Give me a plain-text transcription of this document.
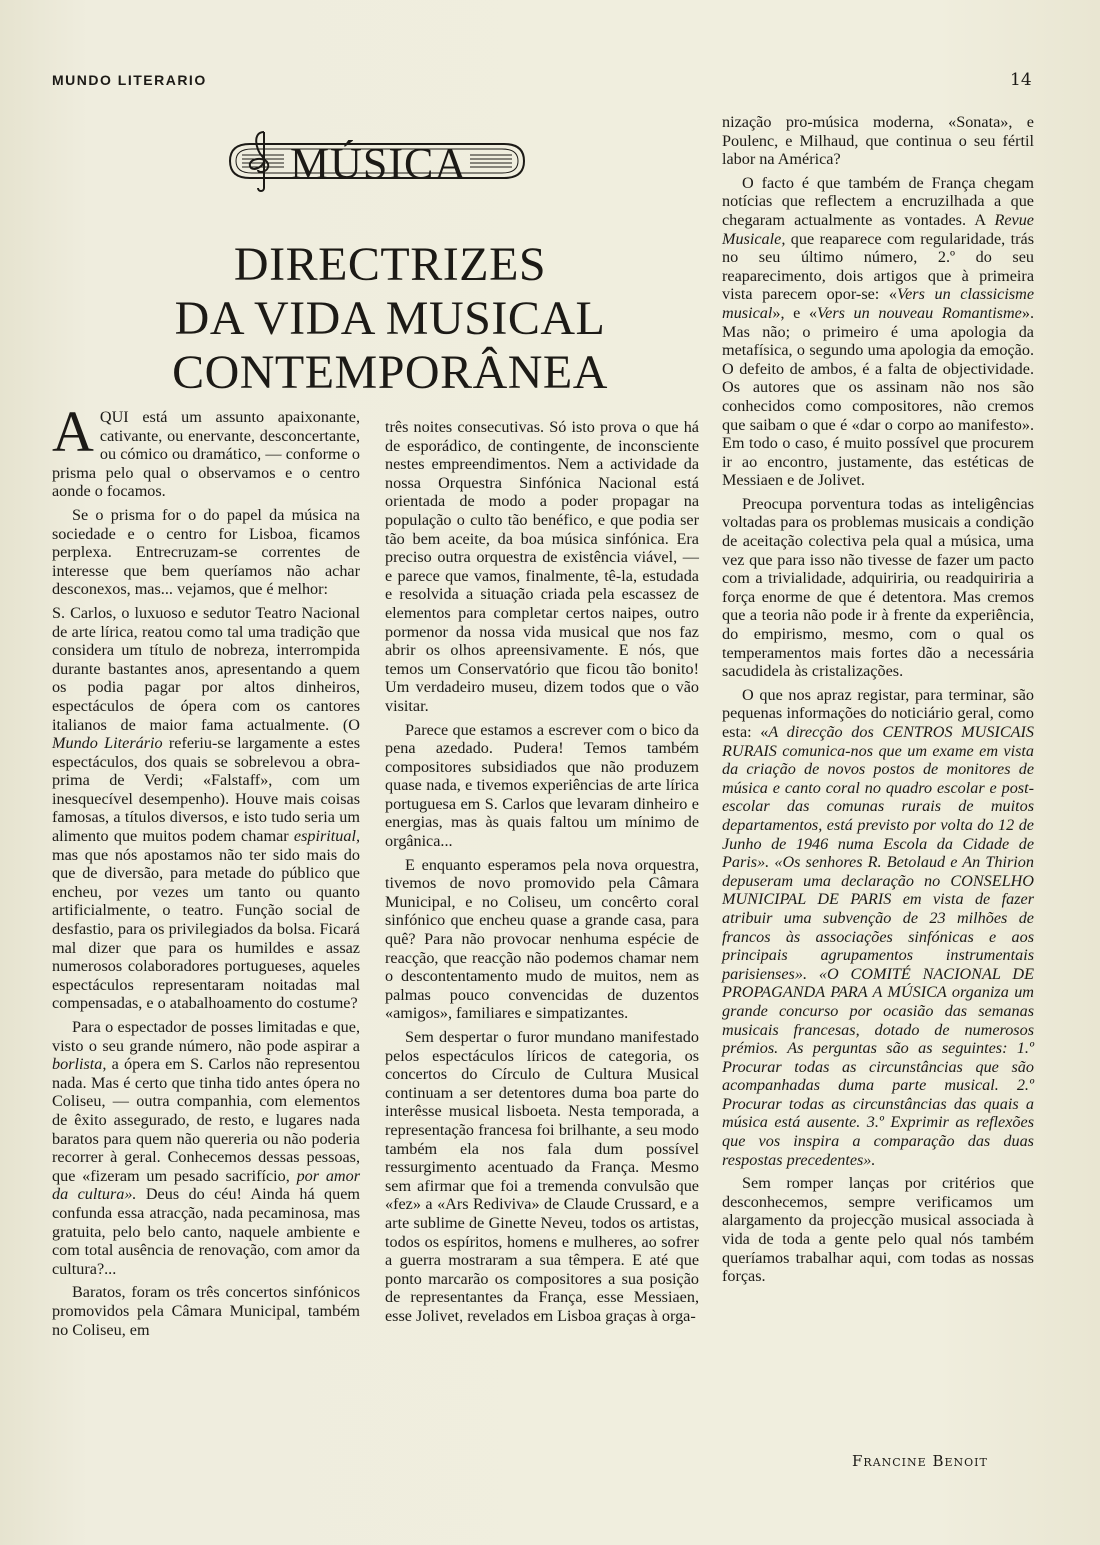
MUNDO LITERARIO	14
MÚSICA
DIRECTRIZES
DA VIDA MUSICAL
CONTEMPORÂNEA

AQUI está um assunto apaixonante, cativante, ou enervante, desconcertante, ou cómico ou dramático, — conforme o prisma pelo qual o observamos e o centro aonde o focamos.

Se o prisma for o do papel da música na sociedade e o centro for Lisboa, ficamos perplexa. Entrecruzam-se correntes de interesse que bem queríamos não achar desconexos, mas... vejamos, que é melhor:

S. Carlos, o luxuoso e sedutor Teatro Nacional de arte lírica, reatou como tal uma tradição que considera um título de nobreza, interrompida durante bastantes anos, apresentando a quem os podia pagar por altos dinheiros, espectáculos de ópera com os cantores italianos de maior fama actualmente. (O Mundo Literário referiu-se largamente a estes espectáculos, dos quais se sobrelevou a obra-prima de Verdi; «Falstaff», com um inesquecível desempenho). Houve mais coisas famosas, a títulos diversos, e isto tudo seria um alimento que muitos podem chamar espiritual, mas que nós apostamos não ter sido mais do que de diversão, para metade do público que encheu, por vezes um tanto ou quanto artificialmente, o teatro. Função social de desfastio, para os privilegiados da bolsa. Ficará mal dizer que para os humildes e assaz numerosos colaboradores portugueses, aqueles espectáculos representaram noitadas mal compensadas, e o atabalhoamento do costume?

Para o espectador de posses limitadas e que, visto o seu grande número, não pode aspirar a borlista, a ópera em S. Carlos não representou nada. Mas é certo que tinha tido antes ópera no Coliseu, — outra companhia, com elementos de êxito assegurado, de resto, e lugares nada baratos para quem não quereria ou não poderia recorrer à geral. Conhecemos dessas pessoas, que «fizeram um pesado sacrifício, por amor da cultura». Deus do céu! Ainda há quem confunda essa atracção, nada pecaminosa, mas gratuita, pelo belo canto, naquele ambiente e com total ausência de renovação, com amor da cultura?...

Baratos, foram os três concertos sinfónicos promovidos pela Câmara Municipal, também no Coliseu, em

três noites consecutivas. Só isto prova o que há de esporádico, de contingente, de inconsciente nestes empreendimentos. Nem a actividade da nossa Orquestra Sinfónica Nacional está orientada de modo a poder propagar na população o culto tão benéfico, e que podia ser tão bem aceite, da boa música sinfónica. Era preciso outra orquestra de existência viável, — e parece que vamos, finalmente, tê-la, estudada e resolvida a situação criada pela escassez de elementos para completar certos naipes, outro pormenor da nossa vida musical que nos faz abrir os olhos apreensivamente. E nós, que temos um Conservatório que ficou tão bonito! Um verdadeiro museu, dizem todos que o vão visitar.

Parece que estamos a escrever com o bico da pena azedado. Pudera! Temos também compositores subsidiados que não produzem quase nada, e tivemos experiências de arte lírica portuguesa em S. Carlos que levaram dinheiro e energias, mas às quais faltou um mínimo de orgânica...

E enquanto esperamos pela nova orquestra, tivemos de novo promovido pela Câmara Municipal, e no Coliseu, um concêrto coral sinfónico que encheu quase a grande casa, para quê? Para não provocar nenhuma espécie de reacção, que reacção não podemos chamar nem o descontentamento mudo de muitos, nem as palmas pouco convencidas de duzentos «amigos», familiares e simpatizantes.

Sem despertar o furor mundano manifestado pelos espectáculos líricos de categoria, os concertos do Círculo de Cultura Musical continuam a ser detentores duma boa parte do interêsse musical lisboeta. Nesta temporada, a representação francesa foi brilhante, a seu modo também ela nos fala dum possível ressurgimento acentuado da França. Mesmo sem afirmar que foi a tremenda convulsão que «fez» a «Ars Rediviva» de Claude Crussard, e a arte sublime de Ginette Neveu, todos os artistas, todos os espíritos, homens e mulheres, ao sofrer a guerra mostraram a sua têmpera. E até que ponto marcarão os compositores a sua posição de representantes da França, esse Messiaen, esse Jolivet, revelados em Lisboa graças à orga-

nização pro-música moderna, «Sonata», e Poulenc, e Milhaud, que continua o seu fértil labor na América?

O facto é que também de França chegam notícias que reflectem a encruzilhada a que chegaram actualmente as vontades. A Revue Musicale, que reaparece com regularidade, trás no seu último número, 2.º do seu reaparecimento, dois artigos que à primeira vista parecem opor-se: «Vers un classicisme musical», e «Vers un nouveau Romantisme». Mas não; o primeiro é uma apologia da metafísica, o segundo uma apologia da emoção. O defeito de ambos, é a falta de objectividade. Os autores que os assinam não nos são conhecidos como compositores, não cremos que saibam o que é «dar o corpo ao manifesto». Em todo o caso, é muito possível que procurem ir ao encontro, justamente, das estéticas de Messiaen e de Jolivet.

Preocupa porventura todas as inteligências voltadas para os problemas musicais a condição de aceitação colectiva pela qual a música, uma vez que para isso não tivesse de fazer um pacto com a trivialidade, adquiriria, ou readquiriria a força enorme de que é detentora. Mas cremos que a teoria não pode ir à frente da experiência, do empirismo, mesmo, com o qual os temperamentos mais fortes dão a necessária sacudidela às cristalizações.

O que nos apraz registar, para terminar, são pequenas informações do noticiário geral, como esta: «A direcção dos CENTROS MUSICAIS RURAIS comunica-nos que um exame em vista da criação de novos postos de monitores de música e canto coral no quadro escolar e post-escolar das comunas rurais de muitos departamentos, está previsto por volta do 12 de Junho de 1946 numa Escola da Cidade de Paris». «Os senhores R. Betolaud e An Thirion depuseram uma declaração no CONSELHO MUNICIPAL DE PARIS em vista de fazer atribuir uma subvenção de 23 milhões de francos às associações sinfónicas e aos principais agrupamentos instrumentais parisienses». «O COMITÉ NACIONAL DE PROPAGANDA PARA A MÚSICA organiza um grande concurso por ocasião das semanas musicais francesas, dotado de numerosos prémios. As perguntas são as seguintes: 1.º Procurar todas as circunstâncias que são acompanhadas duma parte musical. 2.º Procurar todas as circunstâncias das quais a música está ausente. 3.º Exprimir as reflexões que vos inspira a comparação das duas respostas precedentes».

Sem romper lanças por critérios que desconhecemos, sempre verificamos um alargamento da projecção musical associada à vida de toda a gente pelo qual nós também queríamos trabalhar aqui, com todas as nossas forças.

Francine Benoit
